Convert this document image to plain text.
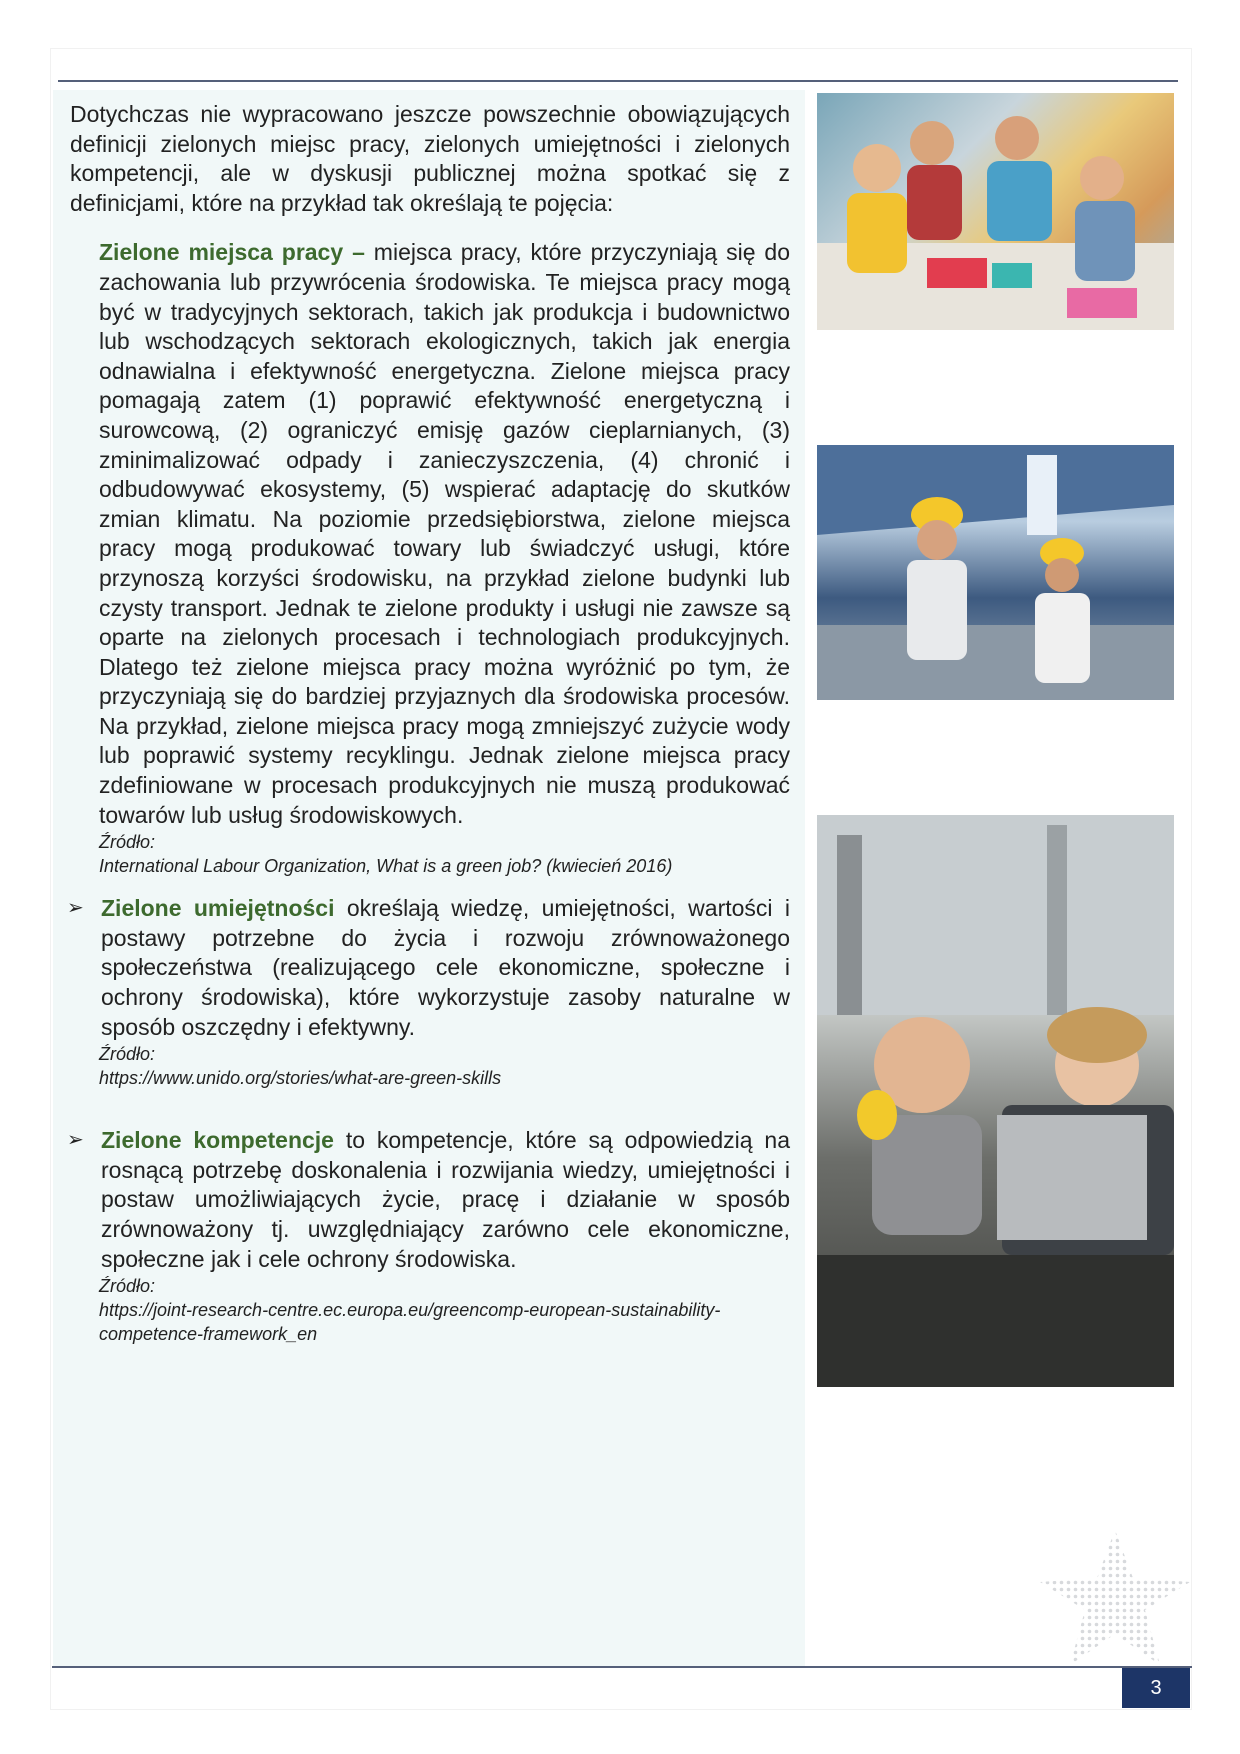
Dotychczas nie wypracowano jeszcze powszechnie obowiązujących definicji zielonych miejsc pracy, zielonych umiejętności i zielonych kompetencji, ale w dyskusji publicznej można spotkać się z definicjami, które na przykład tak określają te pojęcia:

Zielone miejsca pracy – miejsca pracy, które przyczyniają się do zachowania lub przywrócenia środowiska. Te miejsca pracy mogą być w tradycyjnych sektorach, takich jak produkcja i budownictwo lub wschodzących sektorach ekologicznych, takich jak energia odnawialna i efektywność energetyczna. Zielone miejsca pracy pomagają zatem (1) poprawić efektywność energetyczną i surowcową, (2) ograniczyć emisję gazów cieplarnianych, (3) zminimalizować odpady i zanieczyszczenia, (4) chronić i odbudowywać ekosystemy, (5) wspierać adaptację do skutków zmian klimatu. Na poziomie przedsiębiorstwa, zielone miejsca pracy mogą produkować towary lub świadczyć usługi, które przynoszą korzyści środowisku, na przykład zielone budynki lub czysty transport. Jednak te zielone produkty i usługi nie zawsze są oparte na zielonych procesach i technologiach produkcyjnych. Dlatego też zielone miejsca pracy można wyróżnić po tym, że przyczyniają się do bardziej przyjaznych dla środowiska procesów. Na przykład, zielone miejsca pracy mogą zmniejszyć zużycie wody lub poprawić systemy recyklingu. Jednak zielone miejsca pracy zdefiniowane w procesach produkcyjnych nie muszą produkować towarów lub usług środowiskowych.

Źródło:
International Labour Organization, What is a green job? (kwiecień 2016)

➢ Zielone umiejętności określają wiedzę, umiejętności, wartości i postawy potrzebne do życia i rozwoju zrównoważonego społeczeństwa (realizującego cele ekonomiczne, społeczne i ochrony środowiska), które wykorzystuje zasoby naturalne w sposób oszczędny i efektywny.

Źródło:
https://www.unido.org/stories/what-are-green-skills

➢ Zielone kompetencje to kompetencje, które są odpowiedzią na rosnącą potrzebę doskonalenia i rozwijania wiedzy, umiejętności i postaw umożliwiających życie, pracę i działanie w sposób zrównoważony tj. uwzględniający zarówno cele ekonomiczne, społeczne jak i cele ochrony środowiska.

Źródło:
https://joint-research-centre.ec.europa.eu/greencomp-european-sustainability-competence-framework_en
3
